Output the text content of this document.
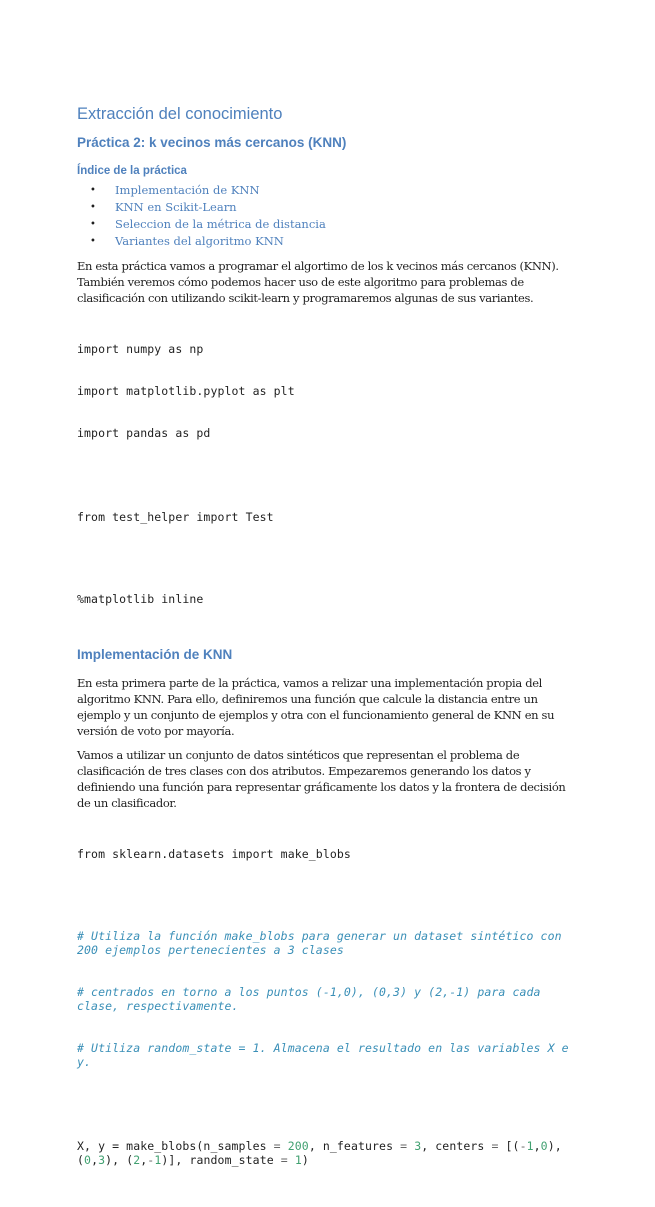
Extracción del conocimiento
Práctica 2: k vecinos más cercanos (KNN)
Índice de la práctica
• Implementación de KNN
• KNN en Scikit-Learn
• Seleccion de la métrica de distancia
• Variantes del algoritmo KNN

En esta práctica vamos a programar el algortimo de los k vecinos más cercanos (KNN). También veremos cómo podemos hacer uso de este algoritmo para problemas de clasificación con utilizando scikit-learn y programaremos algunas de sus variantes.

import numpy as np

import matplotlib.pyplot as plt

import pandas as pd

from test_helper import Test

%matplotlib inline

Implementación de KNN

En esta primera parte de la práctica, vamos a relizar una implementación propia del algoritmo KNN. Para ello, definiremos una función que calcule la distancia entre un ejemplo y un conjunto de ejemplos y otra con el funcionamiento general de KNN en su versión de voto por mayoría.

Vamos a utilizar un conjunto de datos sintéticos que representan el problema de clasificación de tres clases con dos atributos. Empezaremos generando los datos y definiendo una función para representar gráficamente los datos y la frontera de decisión de un clasificador.

from sklearn.datasets import make_blobs

# Utiliza la función make_blobs para generar un dataset sintético con 200 ejemplos pertenecientes a 3 clases

# centrados en torno a los puntos (-1,0), (0,3) y (2,-1) para cada clase, respectivamente.

# Utiliza random_state = 1. Almacena el resultado en las variables X e y.

X, y = make_blobs(n_samples = 200, n_features = 3, centers = [(-1,0), (0,3), (2,-1)], random_state = 1)
